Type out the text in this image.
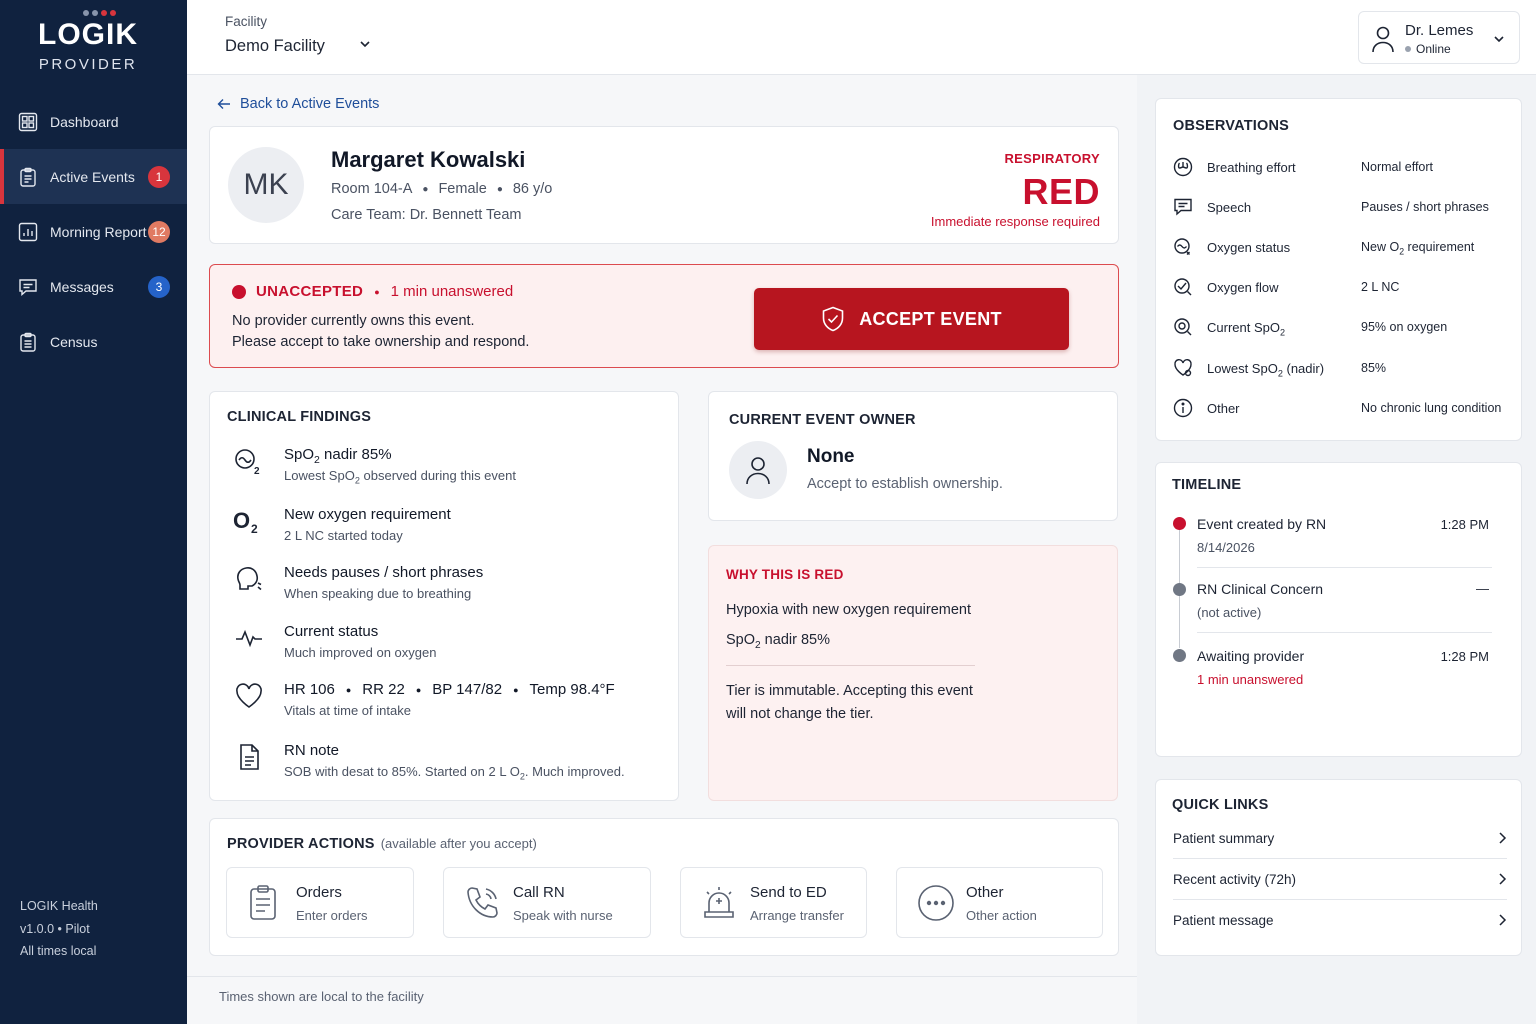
LOGIK
PROVIDER
Dashboard
Active Events	1
Morning Report 12
Messages	3
Census
LOGIK Health
v1.0.0 • Pilot
All times local
Facility
Demo Facility
Dr. Lemes
Online
Back to Active Events
MK
Margaret Kowalski
Room 104-A ● Female ● 86 y/o
Care Team: Dr. Bennett Team
RESPIRATORY
RED
Immediate response required
UNACCEPTED ● 1 min unanswered
No provider currently owns this event.
Please accept to take ownership and respond.
ACCEPT EVENT
CLINICAL FINDINGS
2
SpO$_2$ nadir 85%
Lowest SpO$_2$ observed during this event
O 2
New oxygen requirement
2 L NC started today
Needs pauses / short phrases
When speaking due to breathing
Current status
Much improved on oxygen
HR 106 ● RR 22 ● BP 147/82 ● Temp 98.4°F
Vitals at time of intake
RN note
SOB with desat to 85%. Started on 2 L $O_2$. Much improved.
CURRENT EVENT OWNER
None
Accept to establish ownership.
WHY THIS IS RED
Hypoxia with new oxygen requirement
SpO$_2$ nadir 85%
Tier is immutable. Accepting this event
will not change the tier.
PROVIDER ACTIONS (available after you accept)
Orders
Enter orders
Call RN
Speak with nurse
Send to ED
Arrange transfer
Other
Other action
Times shown are local to the facility
OBSERVATIONS
Breathing effort	Normal effort
Speech	Pauses / short phrases
Oxygen status	New $O_2$ requirement
Oxygen flow	2 L NC
Current SpO$_2$	95% on oxygen
Lowest SpO$_2$ (nadir)	85%
Other	No chronic lung condition
TIMELINE
Event created by RN	1:28 PM
8/14/2026
RN Clinical Concern	—
(not active)
Awaiting provider	1:28 PM
1 min unanswered
QUICK LINKS
Patient summary
Recent activity (72h)
Patient message
